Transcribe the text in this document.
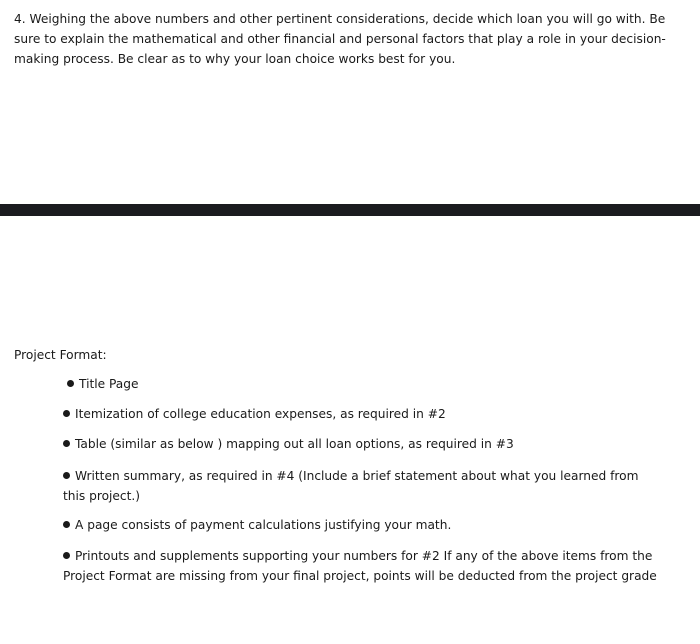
4. Weighing the above numbers and other pertinent considerations, decide which loan you will go with. Be sure to explain the mathematical and other financial and personal factors that play a role in your decision-making process. Be clear as to why your loan choice works best for you.

Project Format:

Title Page
Itemization of college education expenses, as required in #2
Table (similar as below ) mapping out all loan options, as required in #3
Written summary, as required in #4 (Include a brief statement about what you learned from this project.)
A page consists of payment calculations justifying your math.
Printouts and supplements supporting your numbers for #2 If any of the above items from the Project Format are missing from your final project, points will be deducted from the project grade
